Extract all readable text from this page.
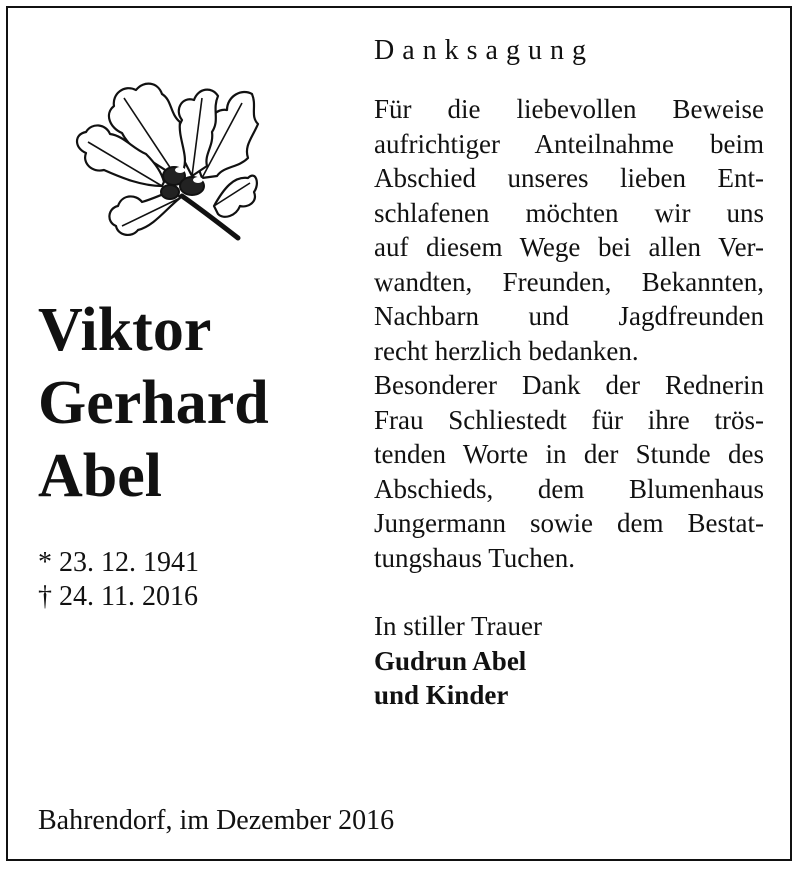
Viktor
Gerhard
Abel
* 23. 12. 1941
† 24. 11. 2016
Danksagung
Für die liebevollen Beweise
aufrichtiger Anteilnahme beim
Abschied unseres lieben Ent-
schlafenen möchten wir uns
auf diesem Wege bei allen Ver-
wandten, Freunden, Bekannten,
Nachbarn und Jagdfreunden
recht herzlich bedanken.
Besonderer Dank der Rednerin
Frau Schliestedt für ihre trös-
tenden Worte in der Stunde des
Abschieds, dem Blumenhaus
Jungermann sowie dem Bestat-
tungshaus Tuchen.
In stiller Trauer
Gudrun Abel
und Kinder
Bahrendorf, im Dezember 2016
